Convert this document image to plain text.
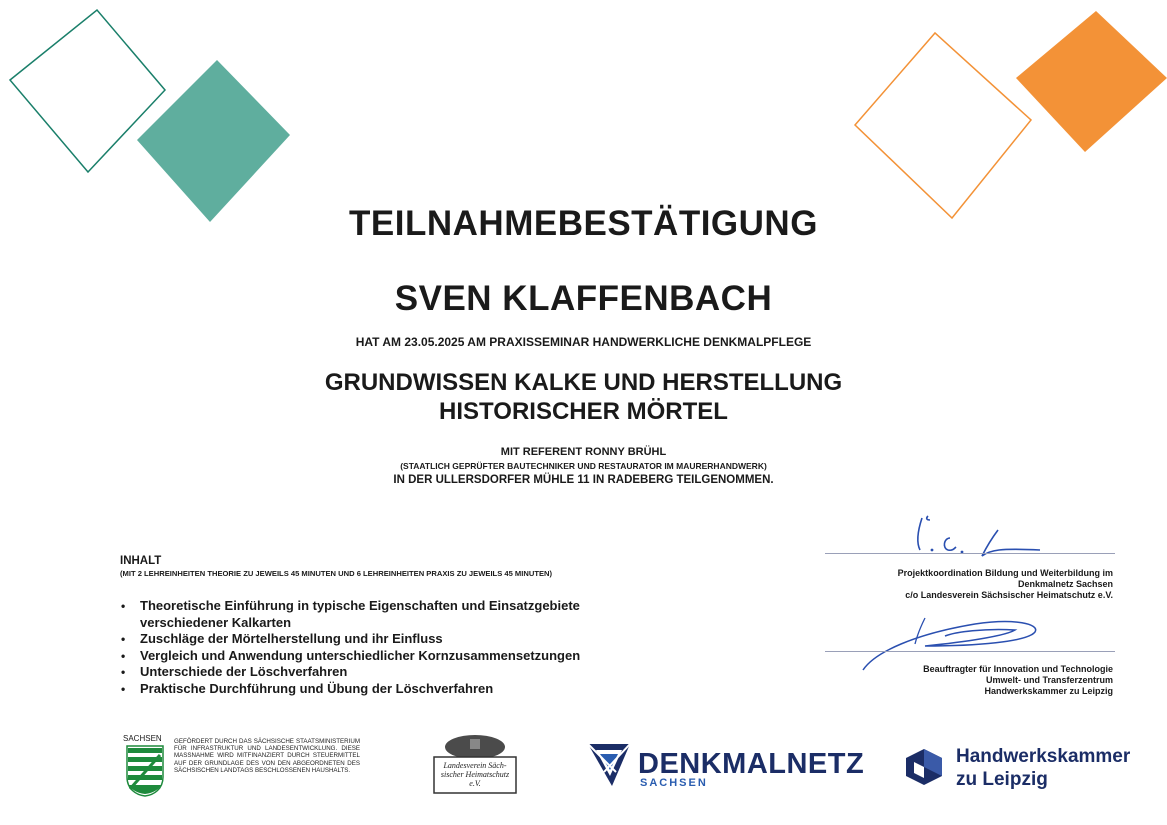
TEILNAHMEBESTÄTIGUNG
SVEN KLAFFENBACH
HAT AM 23.05.2025 AM PRAXISSEMINAR HANDWERKLICHE DENKMALPFLEGE
GRUNDWISSEN KALKE UND HERSTELLUNG
HISTORISCHER MÖRTEL
MIT REFERENT RONNY BRÜHL
(STAATLICH GEPRÜFTER BAUTECHNIKER UND RESTAURATOR IM MAURERHANDWERK)
IN DER ULLERSDORFER MÜHLE 11 IN RADEBERG TEILGENOMMEN.
INHALT
(MIT 2 LEHREINHEITEN THEORIE ZU JEWEILS 45 MINUTEN UND 6 LEHREINHEITEN PRAXIS ZU JEWEILS 45 MINUTEN)
• Theoretische Einführung in typische Eigenschaften und Einsatzgebiete verschiedener Kalkarten
• Zuschläge der Mörtelherstellung und ihr Einfluss
• Vergleich und Anwendung unterschiedlicher Kornzusammensetzungen
• Unterschiede der Löschverfahren
• Praktische Durchführung und Übung der Löschverfahren
Projektkoordination Bildung und Weiterbildung im
Denkmalnetz Sachsen
c/o Landesverein Sächsischer Heimatschutz e.V.
Beauftragter für Innovation und Technologie
Umwelt- und Transferzentrum
Handwerkskammer zu Leipzig
SACHSEN GEFÖRDERT DURCH DAS SÄCHSISCHE STAATSMINISTERIUM FÜR INFRASTRUKTUR UND LANDESENTWICKLUNG. DIESE MASSNAHME WIRD MITFINANZIERT DURCH STEUERMITTEL AUF DER GRUNDLAGE DES VON DEN ABGEORDNETEN DES SÄCHSISCHEN LANDTAGS BESCHLOSSENEN HAUSHALTS.
Landesverein Säch-
sischer Heimatschutz
e.V.
DENKMALNETZ
SACHSEN
Handwerkskammer
zu Leipzig
